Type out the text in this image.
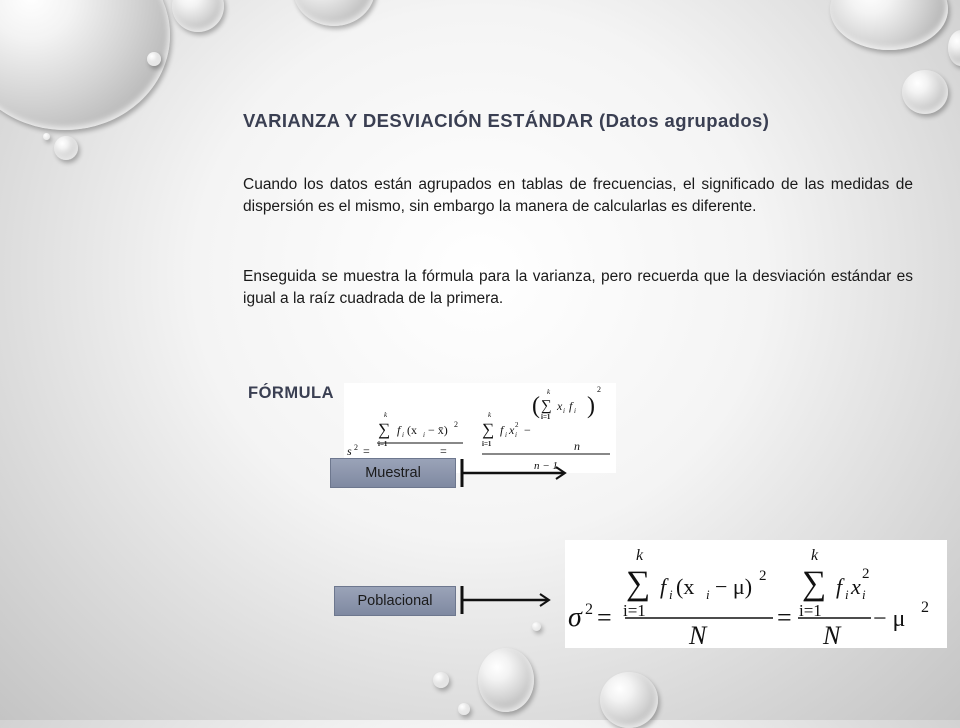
VARIANZA Y DESVIACIÓN ESTÁNDAR (Datos agrupados)

Cuando los datos están agrupados en tablas de frecuencias, el significado de las medidas de dispersión es el mismo, sin embargo la manera de calcularlas es diferente.

Enseguida se muestra la fórmula para la varianza, pero recuerda que la desviación estándar es igual a la raíz cuadrada de la primera.

FÓRMULA
s 2 =
k
∑
i=1
f i (x i − x̄) 2
=
k
∑
i=1
f i x i
2 −
(
k
∑
i=1
x i f i )
2
n
n − 1
Muestral
σ 2 =
k
∑
i=1
f i (x i − μ) 2
N
=
k
∑
i=1
f i x i
2
N
− μ 2
Poblacional
